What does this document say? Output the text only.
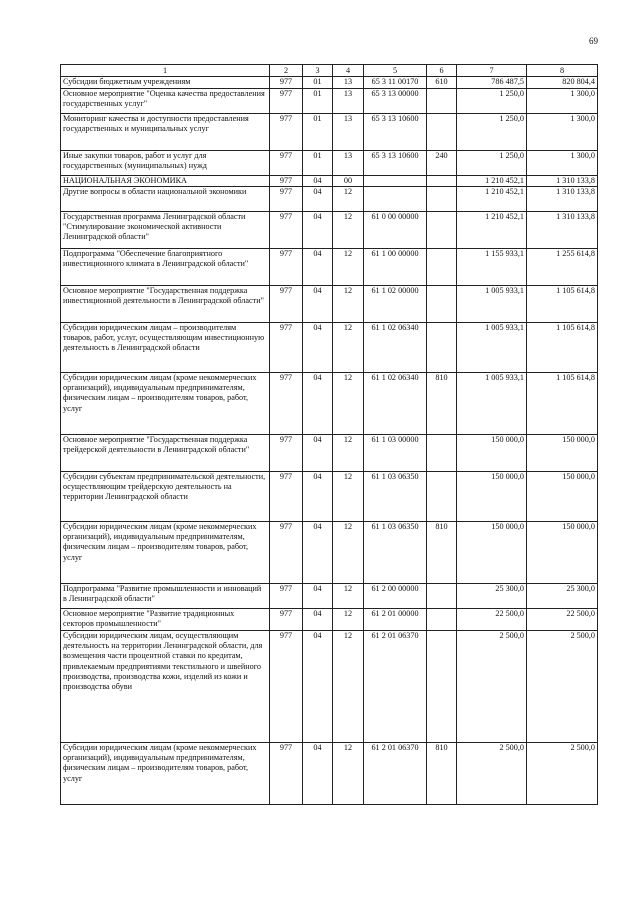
69
1	2	3	4	5	6	7	8
Субсидии бюджетным учреждениям	977	01	13	65 3 11 00170	610	786 487,5	820 804,4
Основное мероприятие "Оценка качества предоставления государственных услуг"	977	01	13	65 3 13 00000		1 250,0	1 300,0
Мониторинг качества и доступности предоставления государственных и муниципальных услуг	977	01	13	65 3 13 10600		1 250,0	1 300,0
Иные закупки товаров, работ и услуг для государственных (муниципальных) нужд	977	01	13	65 3 13 10600	240	1 250,0	1 300,0
НАЦИОНАЛЬНАЯ ЭКОНОМИКА	977	04	00			1 210 452,1	1 310 133,8
Другие вопросы в области национальной экономики	977	04	12			1 210 452,1	1 310 133,8
Государственная программа Ленинградской области "Стимулирование экономической активности Ленинградской области"	977	04	12	61 0 00 00000		1 210 452,1	1 310 133,8
Подпрограмма "Обеспечение благоприятного инвестиционного климата в Ленинградской области"	977	04	12	61 1 00 00000		1 155 933,1	1 255 614,8
Основное мероприятие "Государственная поддержка инвестиционной деятельности в Ленинградской области"	977	04	12	61 1 02 00000		1 005 933,1	1 105 614,8
Субсидии юридическим лицам – производителям товаров, работ, услуг, осуществляющим инвестиционную деятельность в Ленинградской области	977	04	12	61 1 02 06340		1 005 933,1	1 105 614,8
Субсидии юридическим лицам (кроме некоммерческих организаций), индивидуальным предпринимателям, физическим лицам – производителям товаров, работ, услуг	977	04	12	61 1 02 06340	810	1 005 933,1	1 105 614,8
Основное мероприятие "Государственная поддержка трейдерской деятельности в Ленинградской области"	977	04	12	61 1 03 00000		150 000,0	150 000,0
Субсидии субъектам предпринимательской деятельности, осуществляющим трейдерскую деятельность на территории Ленинградской области	977	04	12	61 1 03 06350		150 000,0	150 000,0
Субсидии юридическим лицам (кроме некоммерческих организаций), индивидуальным предпринимателям, физическим лицам – производителям товаров, работ, услуг	977	04	12	61 1 03 06350	810	150 000,0	150 000,0
Подпрограмма "Развитие промышленности и инноваций в Ленинградской области"	977	04	12	61 2 00 00000		25 300,0	25 300,0
Основное мероприятие "Развитие традиционных секторов промышленности"	977	04	12	61 2 01 00000		22 500,0	22 500,0
Субсидии юридическим лицам, осуществляющим деятельность на территории Ленинградской области, для возмещения части процентной ставки по кредитам, привлекаемым предприятиями текстильного и швейного производства, производства кожи, изделий из кожи и производства обуви	977	04	12	61 2 01 06370		2 500,0	2 500,0
Субсидии юридическим лицам (кроме некоммерческих организаций), индивидуальным предпринимателям, физическим лицам – производителям товаров, работ, услуг	977	04	12	61 2 01 06370	810	2 500,0	2 500,0
